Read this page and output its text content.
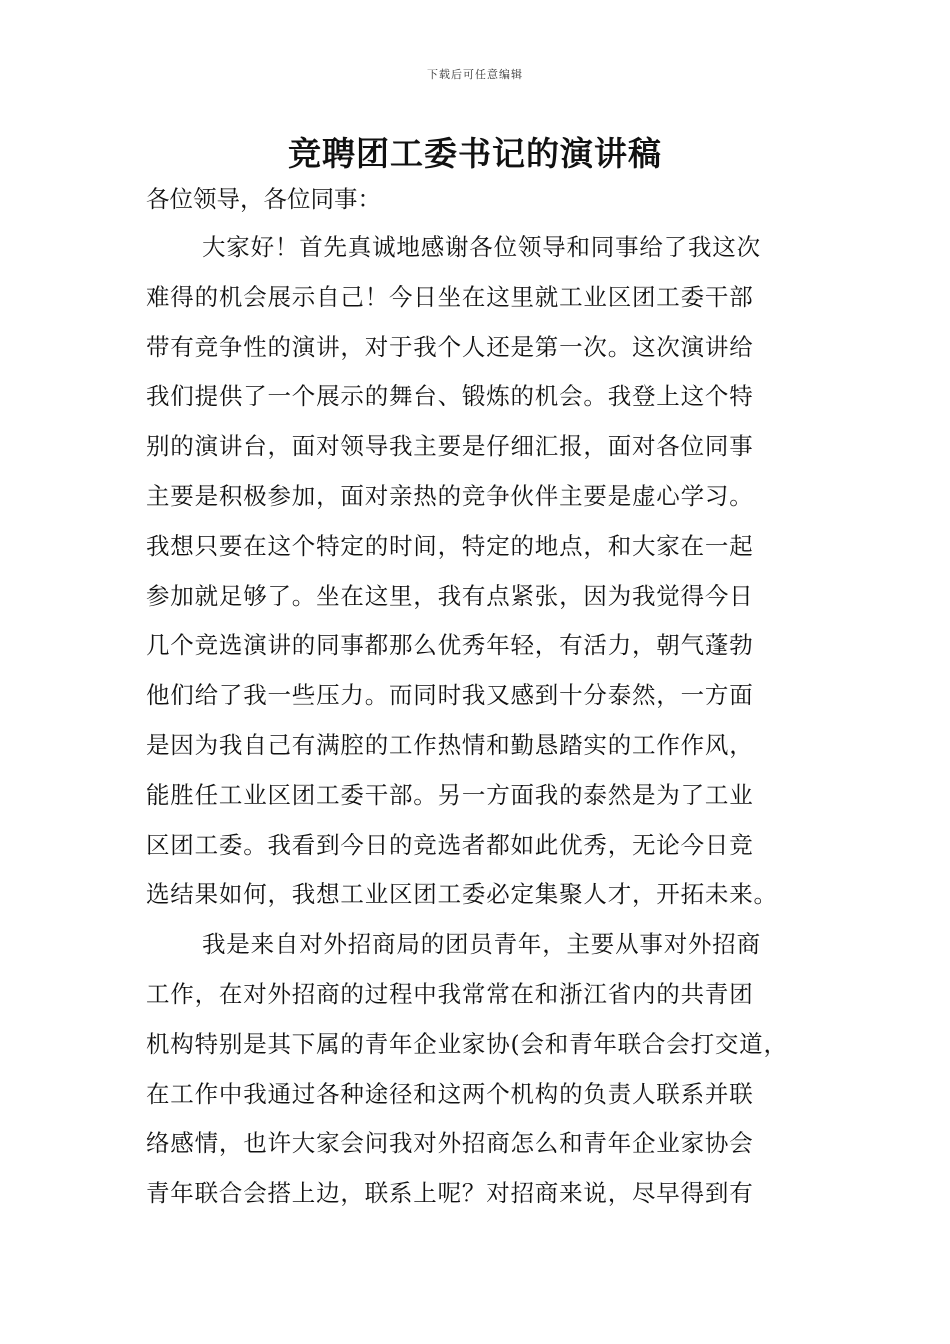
下载后可任意编辑
竞聘团工委书记的演讲稿
各位领导，各位同事：
大家好！首先真诚地感谢各位领导和同事给了我这次
难得的机会展示自己！今日坐在这里就工业区团工委干部
带有竞争性的演讲，对于我个人还是第一次。这次演讲给
我们提供了一个展示的舞台、锻炼的机会。我登上这个特
别的演讲台，面对领导我主要是仔细汇报，面对各位同事
主要是积极参加，面对亲热的竞争伙伴主要是虚心学习。
我想只要在这个特定的时间，特定的地点，和大家在一起
参加就足够了。坐在这里，我有点紧张，因为我觉得今日
几个竞选演讲的同事都那么优秀年轻，有活力，朝气蓬勃
他们给了我一些压力。而同时我又感到十分泰然，一方面
是因为我自己有满腔的工作热情和勤恳踏实的工作作风，
能胜任工业区团工委干部。另一方面我的泰然是为了工业
区团工委。我看到今日的竞选者都如此优秀，无论今日竞
选结果如何，我想工业区团工委必定集聚人才，开拓未来。
我是来自对外招商局的团员青年，主要从事对外招商
工作，在对外招商的过程中我常常在和浙江省内的共青团
机构特别是其下属的青年企业家协(会和青年联合会打交道，
在工作中我通过各种途径和这两个机构的负责人联系并联
络感情，也许大家会问我对外招商怎么和青年企业家协会
青年联合会搭上边，联系上呢？对招商来说，尽早得到有
